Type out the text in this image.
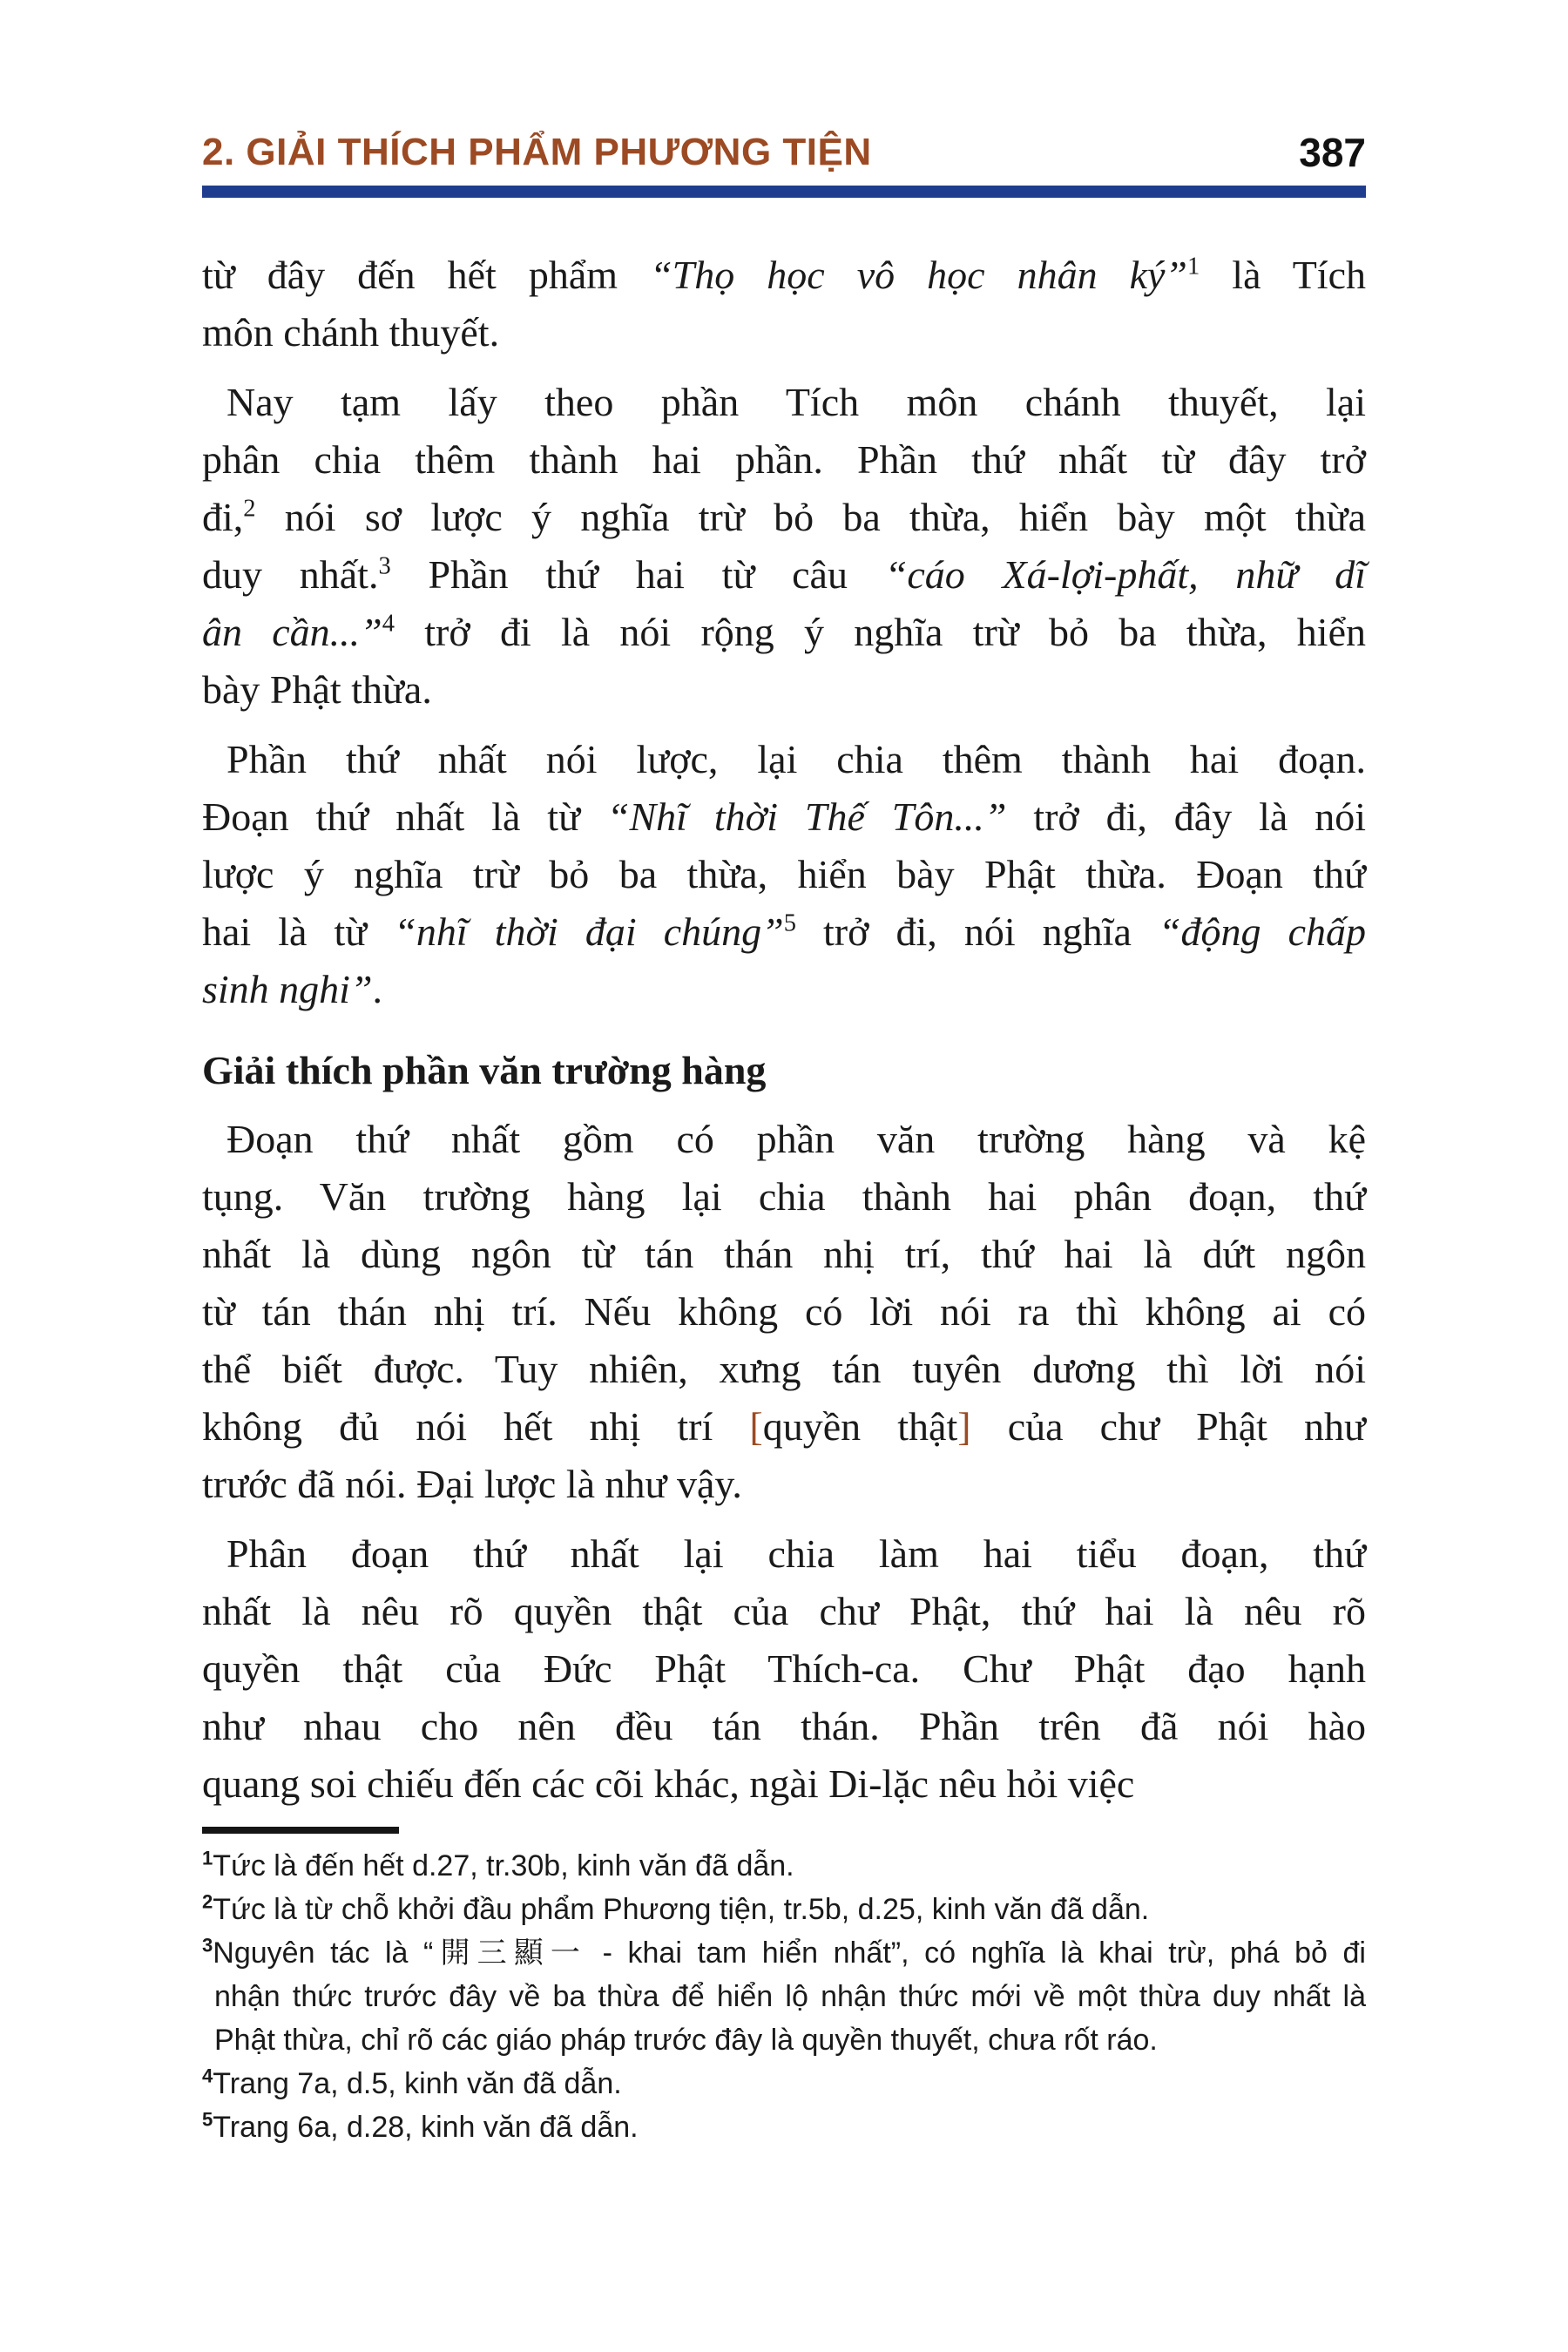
2. GIẢI THÍCH PHẨM PHƯƠNG TIỆN	387
từ đây đến hết phẩm “Thọ học vô học nhân ký”$^1$ là Tích
môn chánh thuyết.
Nay tạm lấy theo phần Tích môn chánh thuyết, lại
phân chia thêm thành hai phần. Phần thứ nhất từ đây trở
đi,$^2$ nói sơ lược ý nghĩa trừ bỏ ba thừa, hiển bày một thừa
duy nhất.$^3$ Phần thứ hai từ câu “cáo Xá-lợi-phất, nhữ dĩ
ân cần...”$^4$ trở đi là nói rộng ý nghĩa trừ bỏ ba thừa, hiển
bày Phật thừa.
Phần thứ nhất nói lược, lại chia thêm thành hai đoạn.
Đoạn thứ nhất là từ “Nhĩ thời Thế Tôn...” trở đi, đây là nói
lược ý nghĩa trừ bỏ ba thừa, hiển bày Phật thừa. Đoạn thứ
hai là từ “nhĩ thời đại chúng”$^5$ trở đi, nói nghĩa “động chấp
sinh nghi”.
Giải thích phần văn trường hàng
Đoạn thứ nhất gồm có phần văn trường hàng và kệ
tụng. Văn trường hàng lại chia thành hai phân đoạn, thứ
nhất là dùng ngôn từ tán thán nhị trí, thứ hai là dứt ngôn
từ tán thán nhị trí. Nếu không có lời nói ra thì không ai có
thể biết được. Tuy nhiên, xưng tán tuyên dương thì lời nói
không đủ nói hết nhị trí [quyền thật] của chư Phật như
trước đã nói. Đại lược là như vậy.
Phân đoạn thứ nhất lại chia làm hai tiểu đoạn, thứ
nhất là nêu rõ quyền thật của chư Phật, thứ hai là nêu rõ
quyền thật của Đức Phật Thích-ca. Chư Phật đạo hạnh
như nhau cho nên đều tán thán. Phần trên đã nói hào
quang soi chiếu đến các cõi khác, ngài Di-lặc nêu hỏi việc
$^1$Tức là đến hết d.27, tr.30b, kinh văn đã dẫn.
$^2$Tức là từ chỗ khởi đầu phẩm Phương tiện, tr.5b, d.25, kinh văn đã dẫn.
$^3$Nguyên tác là “開三顯一 - khai tam hiển nhất”, có nghĩa là khai trừ, phá bỏ đi
nhận thức trước đây về ba thừa để hiển lộ nhận thức mới về một thừa duy nhất là
Phật thừa, chỉ rõ các giáo pháp trước đây là quyền thuyết, chưa rốt ráo.
$^4$Trang 7a, d.5, kinh văn đã dẫn.
$^5$Trang 6a, d.28, kinh văn đã dẫn.
